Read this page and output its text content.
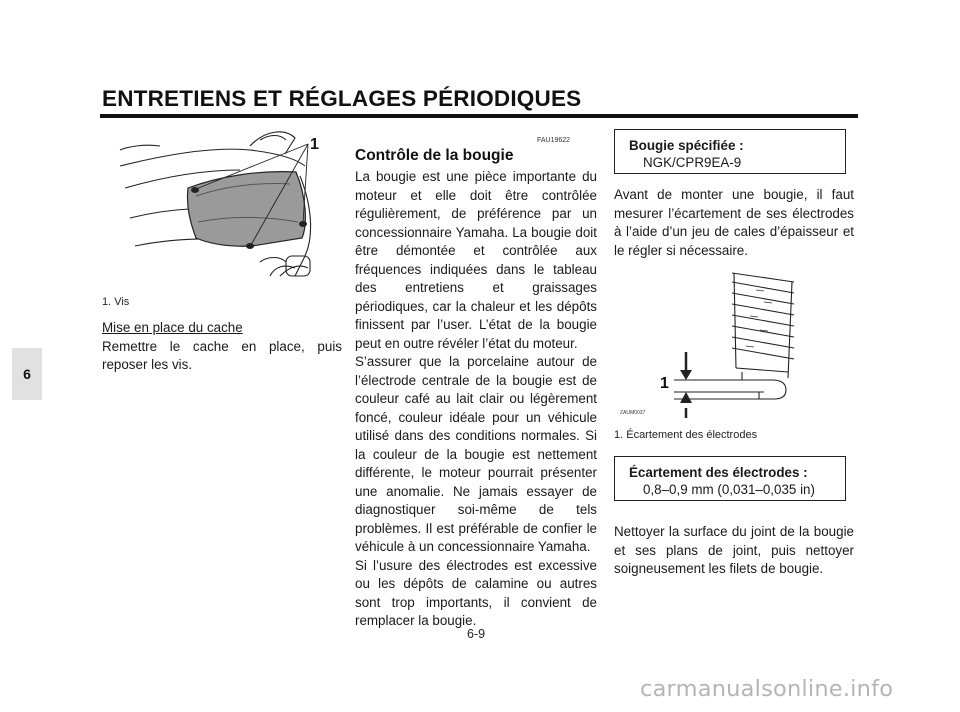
ENTRETIENS ET RÉGLAGES PÉRIODIQUES
6
1
1. Vis
Mise en place du cache
Remettre le cache en place, puis reposer les vis.
FAU19622
Contrôle de la bougie
La bougie est une pièce importante du moteur et elle doit être contrôlée régulièrement, de préférence par un concessionnaire Yamaha. La bougie doit être démontée et contrôlée aux fréquences indiquées dans le tableau des entretiens et graissages périodiques, car la chaleur et les dépôts finissent par l’user. L’état de la bougie peut en outre révéler l’état du moteur.
S’assurer que la porcelaine autour de l’électrode centrale de la bougie est de couleur café au lait clair ou légèrement foncé, couleur idéale pour un véhicule utilisé dans des conditions normales. Si la couleur de la bougie est nettement différente, le moteur pourrait présenter une anomalie. Ne jamais essayer de diagnostiquer soi-même de tels problèmes. Il est préférable de confier le véhicule à un concessionnaire Yamaha.
Si l’usure des électrodes est excessive ou les dépôts de calamine ou autres sont trop importants, il convient de remplacer la bougie.
Bougie spécifiée :
NGK/CPR9EA-9
Avant de monter une bougie, il faut mesurer l’écartement de ses électrodes à l’aide d’un jeu de cales d’épaisseur et le régler si nécessaire.
1
ZAUM0037
1. Écartement des électrodes
Écartement des électrodes :
0,8–0,9 mm (0,031–0,035 in)
Nettoyer la surface du joint de la bougie et ses plans de joint, puis nettoyer soigneusement les filets de bougie.
6-9
carmanualsonline.info
